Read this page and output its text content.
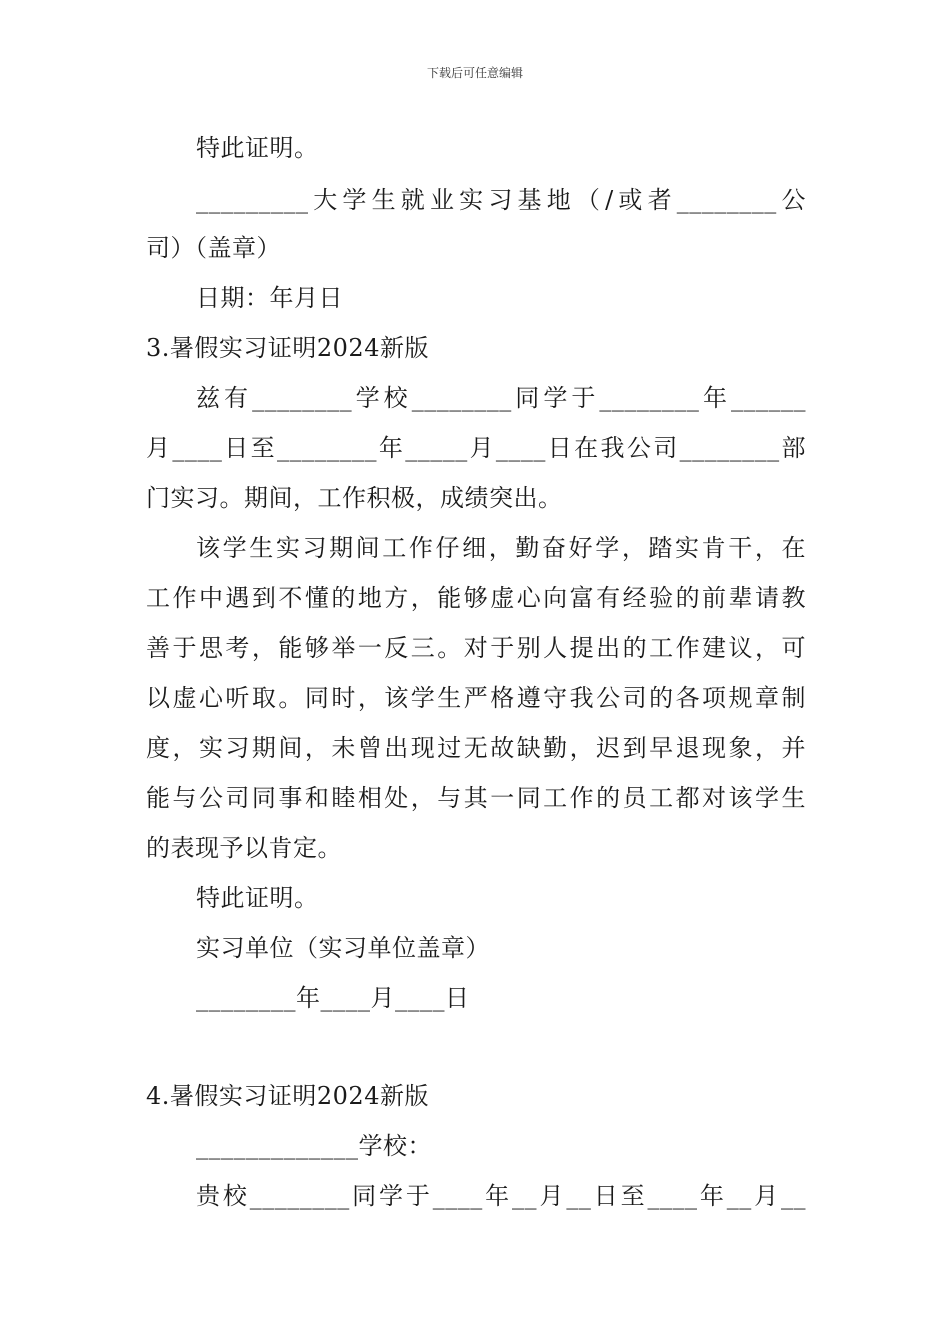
下载后可任意编辑
特此证明。
_________大学生就业实习基地（/或者________公
司）（盖章）
日期：年月日
3.暑假实习证明2024新版
兹有________学校________同学于________年______
月____日至________年_____月____日在我公司________部
门实习。期间，工作积极，成绩突出。
该学生实习期间工作仔细，勤奋好学，踏实肯干，在
工作中遇到不懂的地方，能够虚心向富有经验的前辈请教
善于思考，能够举一反三。对于别人提出的工作建议，可
以虚心听取。同时，该学生严格遵守我公司的各项规章制
度，实习期间，未曾出现过无故缺勤，迟到早退现象，并
能与公司同事和睦相处，与其一同工作的员工都对该学生
的表现予以肯定。
特此证明。
实习单位（实习单位盖章）
________年____月____日
4.暑假实习证明2024新版
_____________学校：
贵校________同学于____年__月__日至____年__月__
